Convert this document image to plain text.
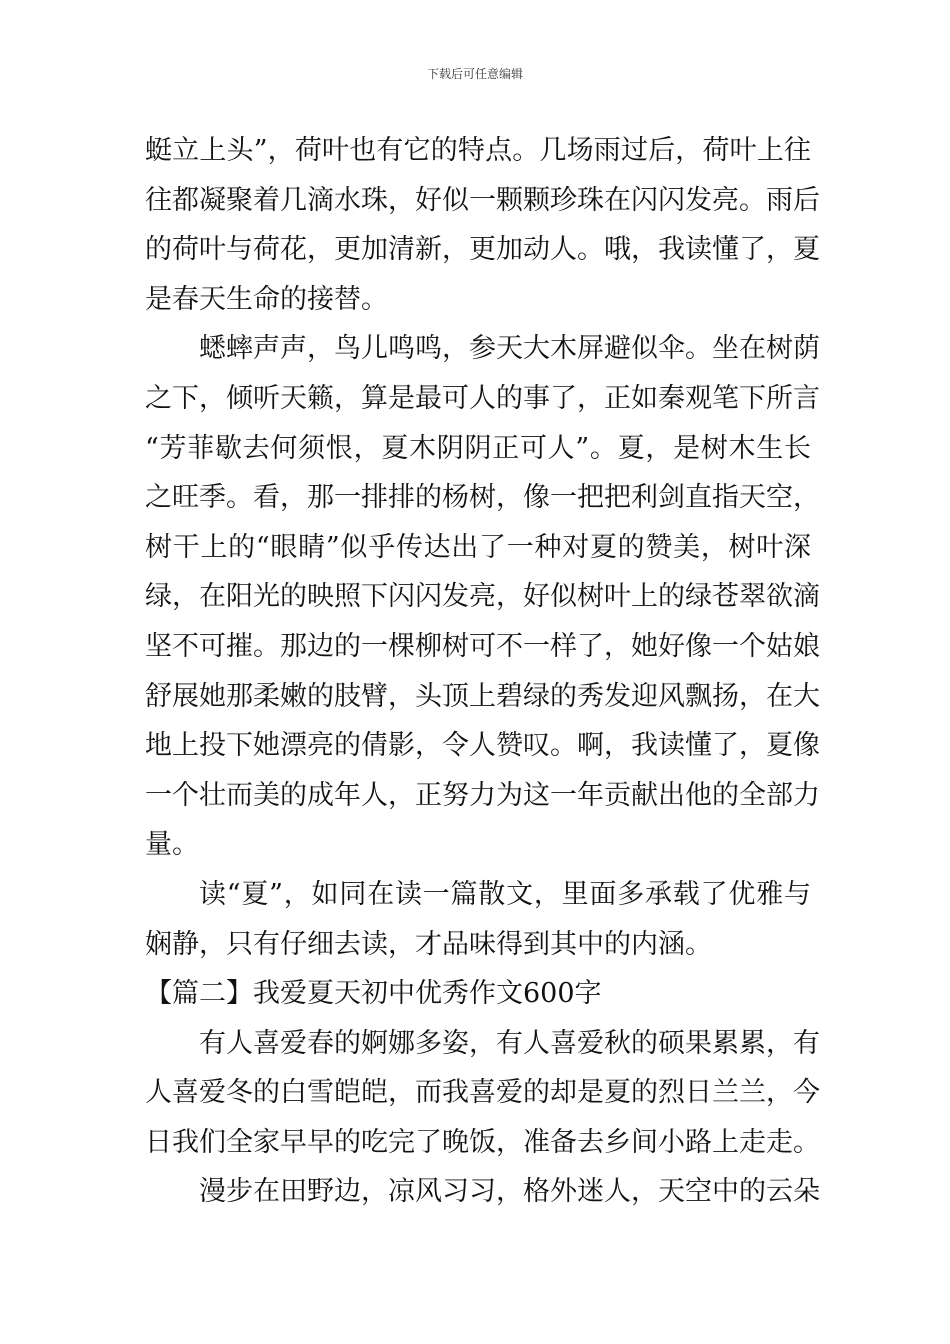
下载后可任意编辑
蜓立上头”，荷叶也有它的特点。几场雨过后，荷叶上往
往都凝聚着几滴水珠，好似一颗颗珍珠在闪闪发亮。雨后
的荷叶与荷花，更加清新，更加动人。哦，我读懂了，夏
是春天生命的接替。
蟋蟀声声，鸟儿鸣鸣，参天大木屏避似伞。坐在树荫
之下，倾听天籁，算是最可人的事了，正如秦观笔下所言
“芳菲歇去何须恨，夏木阴阴正可人”。夏，是树木生长
之旺季。看，那一排排的杨树，像一把把利剑直指天空，
树干上的“眼睛”似乎传达出了一种对夏的赞美，树叶深
绿，在阳光的映照下闪闪发亮，好似树叶上的绿苍翠欲滴
坚不可摧。那边的一棵柳树可不一样了，她好像一个姑娘
舒展她那柔嫩的肢臂，头顶上碧绿的秀发迎风飘扬，在大
地上投下她漂亮的倩影，令人赞叹。啊，我读懂了，夏像
一个壮而美的成年人，正努力为这一年贡献出他的全部力
量。
读“夏”，如同在读一篇散文，里面多承载了优雅与
娴静，只有仔细去读，才品味得到其中的内涵。
【篇二】我爱夏天初中优秀作文600字
有人喜爱春的婀娜多姿，有人喜爱秋的硕果累累，有
人喜爱冬的白雪皑皑，而我喜爱的却是夏的烈日兰兰，今
日我们全家早早的吃完了晚饭，准备去乡间小路上走走。
漫步在田野边，凉风习习，格外迷人，天空中的云朵
